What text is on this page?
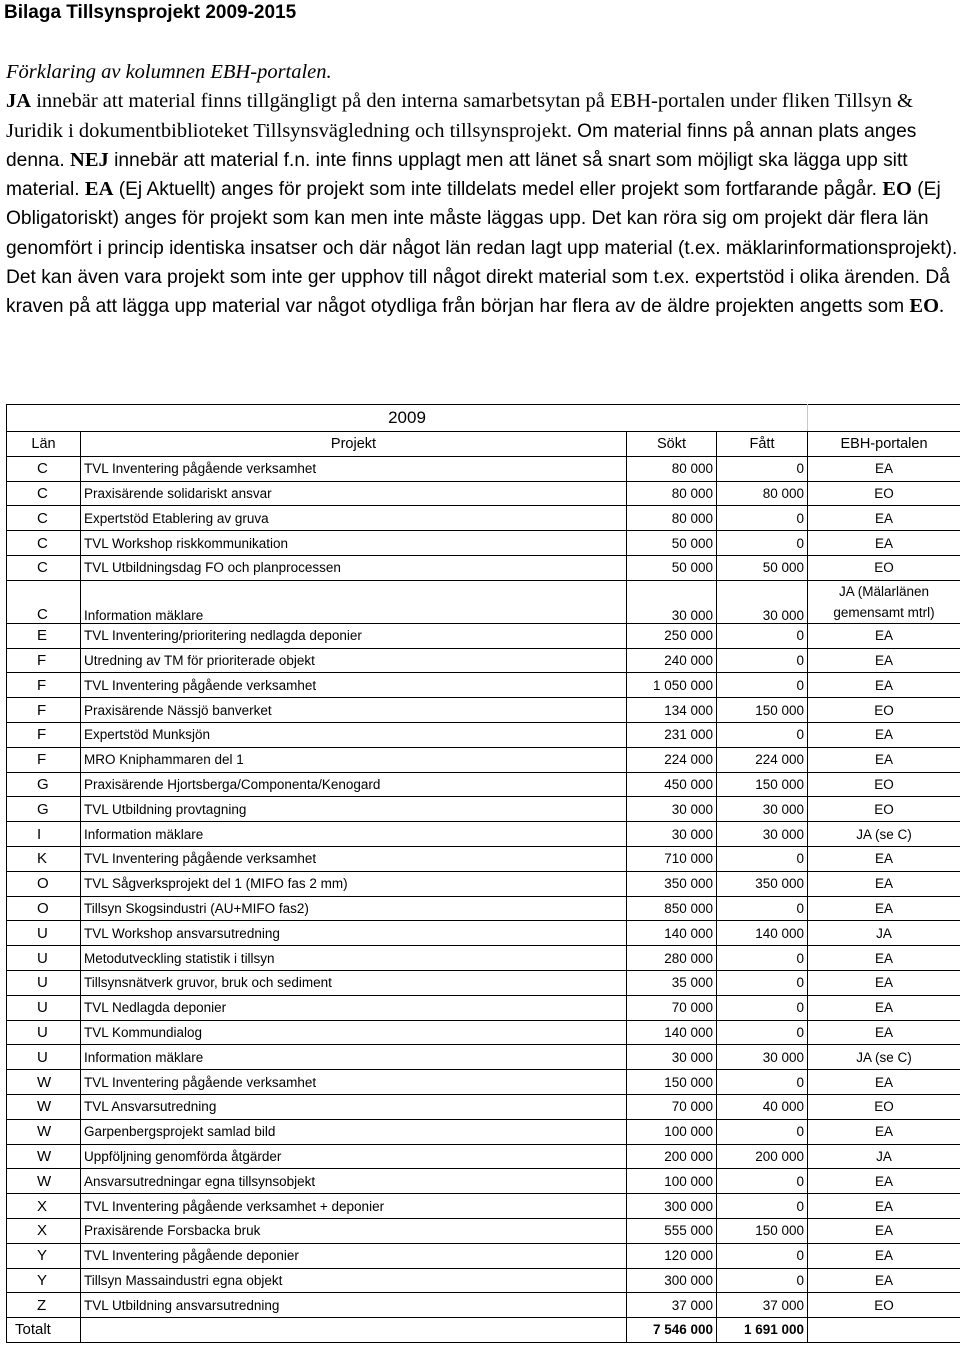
Bilaga Tillsynsprojekt 2009-2015

Förklaring av kolumnen EBH-portalen.
JA innebär att material finns tillgängligt på den interna samarbetsytan på EBH-portalen under fliken Tillsyn & Juridik i dokumentbiblioteket Tillsynsvägledning och tillsynsprojekt. Om material finns på annan plats anges denna. NEJ innebär att material f.n. inte finns upplagt men att länet så snart som möjligt ska lägga upp sitt material. EA (Ej Aktuellt) anges för projekt som inte tilldelats medel eller projekt som fortfarande pågår. EO (Ej Obligatoriskt) anges för projekt som kan men inte måste läggas upp. Det kan röra sig om projekt där flera län genomfört i princip identiska insatser och där något län redan lagt upp material (t.ex. mäklarinformationsprojekt). Det kan även vara projekt som inte ger upphov till något direkt material som t.ex. expertstöd i olika ärenden. Då kraven på att lägga upp material var något otydliga från början har flera av de äldre projekten angetts som EO.

2009				
Län	Projekt	Sökt	Fått	EBH-portalen
C	TVL Inventering pågående verksamhet	80 000	0	EA
C	Praxisärende solidariskt ansvar	80 000	80 000	EO
C	Expertstöd Etablering av gruva	80 000	0	EA
C	TVL Workshop riskkommunikation	50 000	0	EA
C	TVL Utbildningsdag FO och planprocessen	50 000	50 000	EO
C	Information mäklare	30 000	30 000	JA (Mälarlänen gemensamt mtrl)
E	TVL Inventering/prioritering nedlagda deponier	250 000	0	EA
F	Utredning av TM för prioriterade objekt	240 000	0	EA
F	TVL Inventering pågående verksamhet	1 050 000	0	EA
F	Praxisärende Nässjö banverket	134 000	150 000	EO
F	Expertstöd Munksjön	231 000	0	EA
F	MRO Kniphammaren del 1	224 000	224 000	EA
G	Praxisärende Hjortsberga/Componenta/Kenogard	450 000	150 000	EO
G	TVL Utbildning provtagning	30 000	30 000	EO
I	Information mäklare	30 000	30 000	JA (se C)
K	TVL Inventering pågående verksamhet	710 000	0	EA
O	TVL Sågverksprojekt del 1 (MIFO fas 2 mm)	350 000	350 000	EA
O	Tillsyn Skogsindustri (AU+MIFO fas2)	850 000	0	EA
U	TVL Workshop ansvarsutredning	140 000	140 000	JA
U	Metodutveckling statistik i tillsyn	280 000	0	EA
U	Tillsynsnätverk gruvor, bruk och sediment	35 000	0	EA
U	TVL Nedlagda deponier	70 000	0	EA
U	TVL Kommundialog	140 000	0	EA
U	Information mäklare	30 000	30 000	JA (se C)
W	TVL Inventering pågående verksamhet	150 000	0	EA
W	TVL Ansvarsutredning	70 000	40 000	EO
W	Garpenbergsprojekt samlad bild	100 000	0	EA
W	Uppföljning genomförda åtgärder	200 000	200 000	JA
W	Ansvarsutredningar egna tillsynsobjekt	100 000	0	EA
X	TVL Inventering pågående verksamhet + deponier	300 000	0	EA
X	Praxisärende Forsbacka bruk	555 000	150 000	EA
Y	TVL Inventering pågående deponier	120 000	0	EA
Y	Tillsyn Massaindustri egna objekt	300 000	0	EA
Z	TVL Utbildning ansvarsutredning	37 000	37 000	EO
Totalt		7 546 000	1 691 000	
